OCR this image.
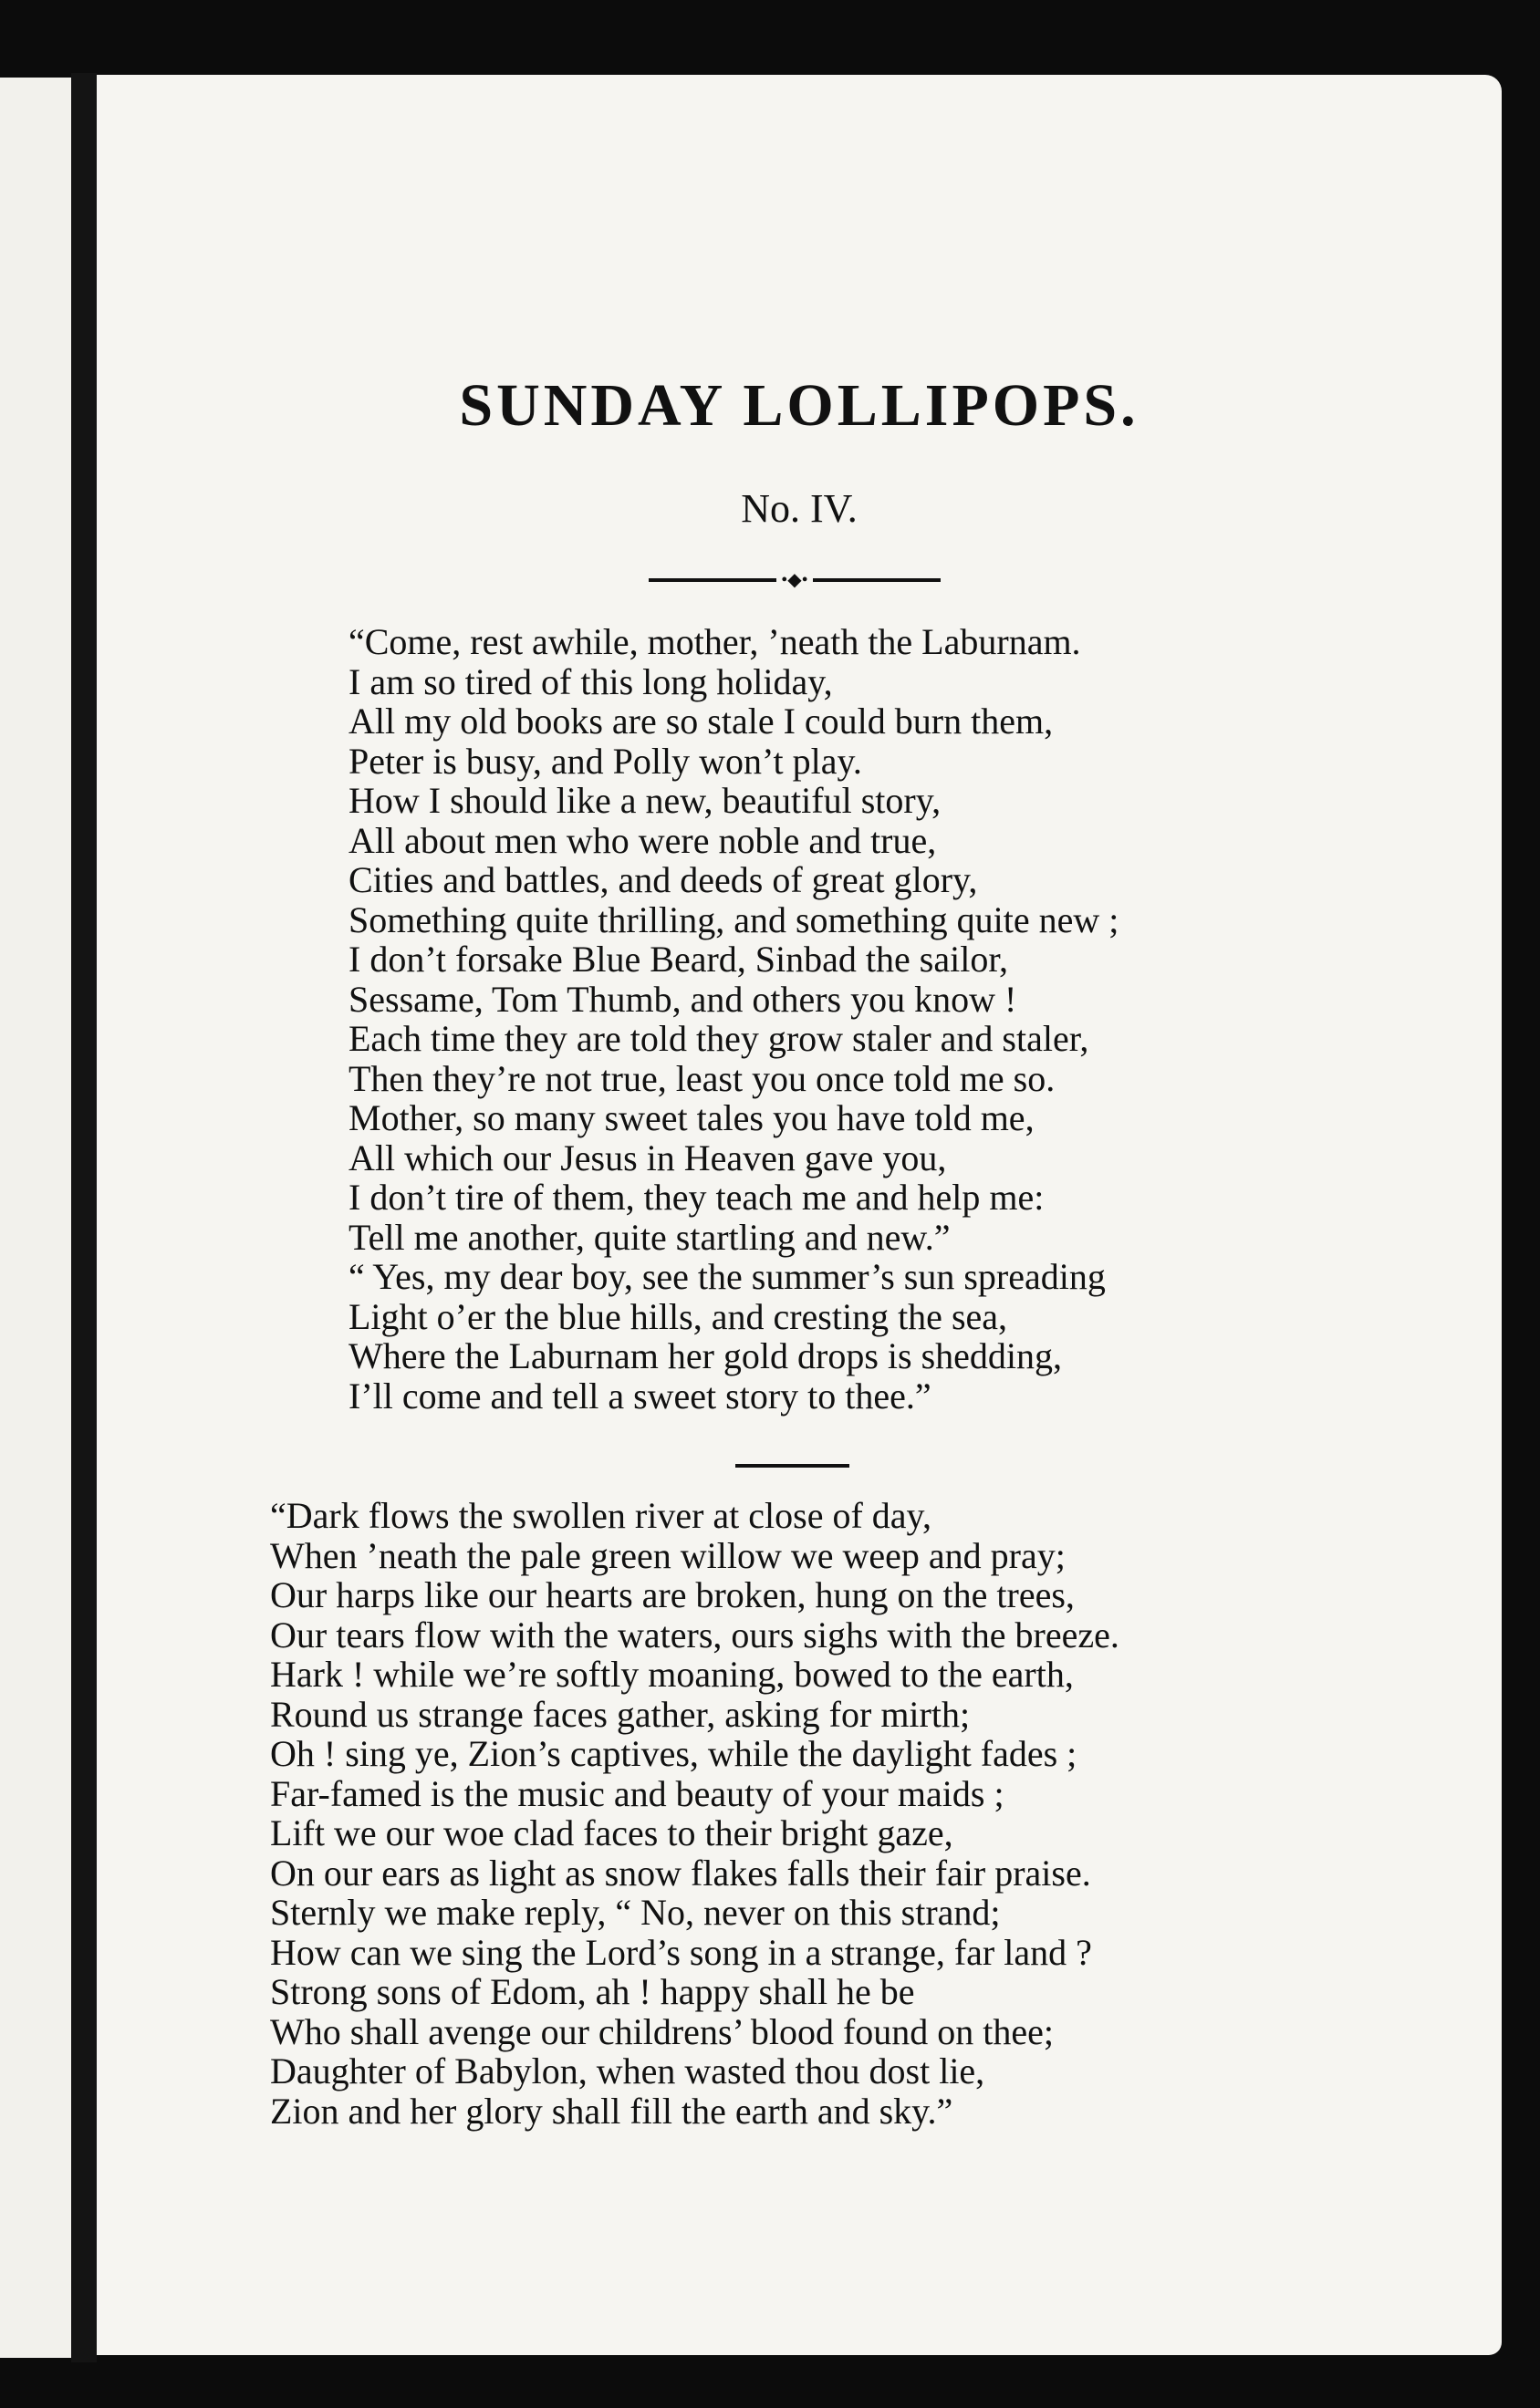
SUNDAY LOLLIPOPS.
No. IV.
•◆•
“Come, rest awhile, mother, ’neath the Laburnam.
I am so tired of this long holiday,
All my old books are so stale I could burn them,
Peter is busy, and Polly won’t play.
How I should like a new, beautiful story,
All about men who were noble and true,
Cities and battles, and deeds of great glory,
Something quite thrilling, and something quite new ;
I don’t forsake Blue Beard, Sinbad the sailor,
Sessame, Tom Thumb, and others you know !
Each time they are told they grow staler and staler,
Then they’re not true, least you once told me so.
Mother, so many sweet tales you have told me,
All which our Jesus in Heaven gave you,
I don’t tire of them, they teach me and help me:
Tell me another, quite startling and new.”
“ Yes, my dear boy, see the summer’s sun spreading
Light o’er the blue hills, and cresting the sea,
Where the Laburnam her gold drops is shedding,
I’ll come and tell a sweet story to thee.”
“Dark flows the swollen river at close of day,
When ’neath the pale green willow we weep and pray;
Our harps like our hearts are broken, hung on the trees,
Our tears flow with the waters, ours sighs with the breeze.
Hark ! while we’re softly moaning, bowed to the earth,
Round us strange faces gather, asking for mirth;
Oh ! sing ye, Zion’s captives, while the daylight fades ;
Far-famed is the music and beauty of your maids ;
Lift we our woe clad faces to their bright gaze,
On our ears as light as snow flakes falls their fair praise.
Sternly we make reply, “ No, never on this strand;
How can we sing the Lord’s song in a strange, far land ?
Strong sons of Edom, ah ! happy shall he be
Who shall avenge our childrens’ blood found on thee;
Daughter of Babylon, when wasted thou dost lie,
Zion and her glory shall fill the earth and sky.”
